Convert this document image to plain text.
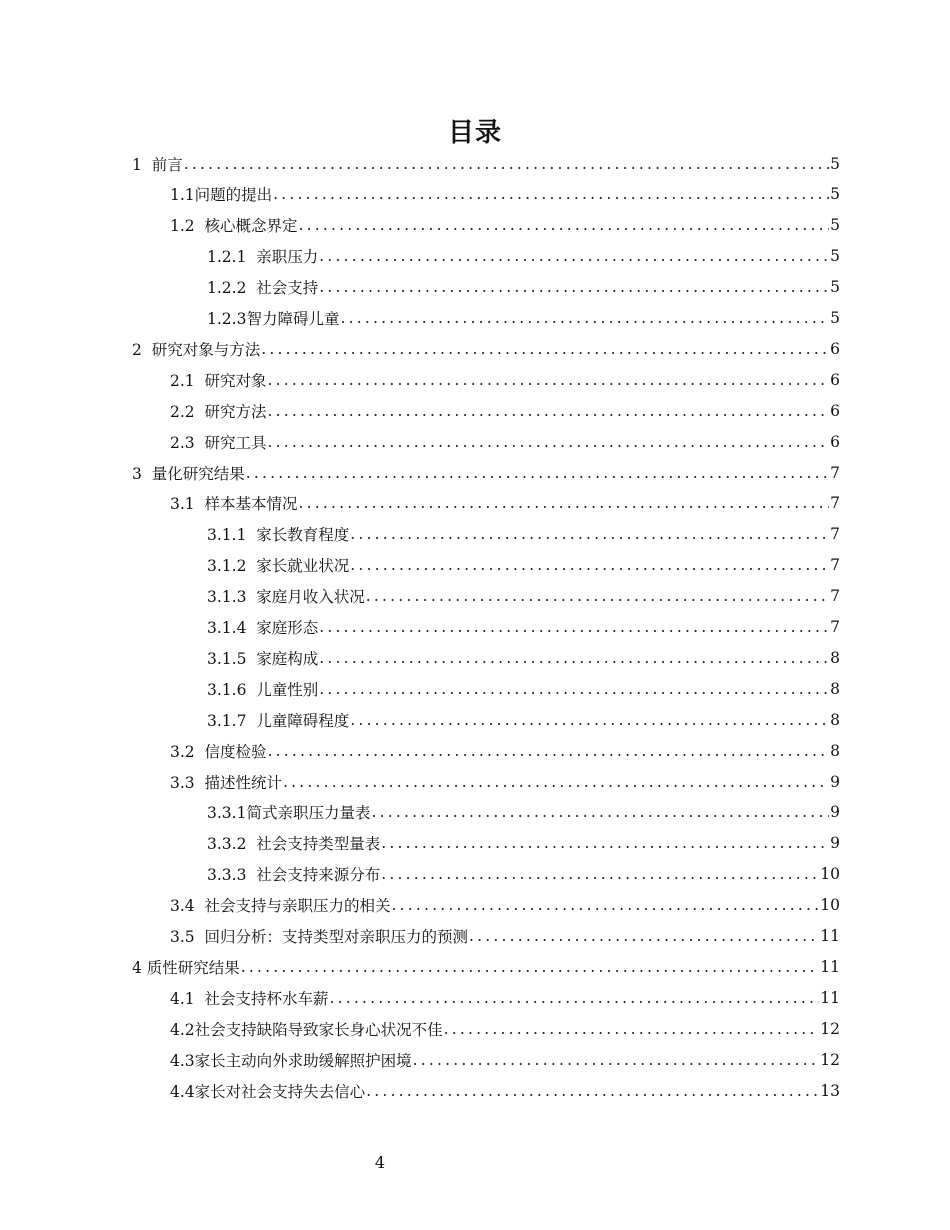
目录
1  前言 .....	5
1.1问题的提出 .....	5
1.2  核心概念界定 .....	5
1.2.1  亲职压力 .....	5
1.2.2  社会支持 .....	5
1.2.3智力障碍儿童 .....	5
2  研究对象与方法 .....	6
2.1  研究对象 .....	6
2.2  研究方法 .....	6
2.3  研究工具 .....	6
3  量化研究结果 .....	7
3.1  样本基本情况 .....	7
3.1.1  家长教育程度 .....	7
3.1.2  家长就业状况 .....	7
3.1.3  家庭月收入状况 .....	7
3.1.4  家庭形态 .....	7
3.1.5  家庭构成 .....	8
3.1.6  儿童性别 .....	8
3.1.7  儿童障碍程度 .....	8
3.2  信度检验 .....	8
3.3  描述性统计 .....	9
3.3.1简式亲职压力量表 .....	9
3.3.2  社会支持类型量表 .....	9
3.3.3  社会支持来源分布 .....	10
3.4  社会支持与亲职压力的相关 .....	10
3.5  回归分析：支持类型对亲职压力的预测 .....	11
4 质性研究结果 .....	11
4.1  社会支持杯水车薪 .....	11
4.2社会支持缺陷导致家长身心状况不佳 .....	12
4.3家长主动向外求助缓解照护困境 .....	12
4.4家长对社会支持失去信心 .....	13
4
